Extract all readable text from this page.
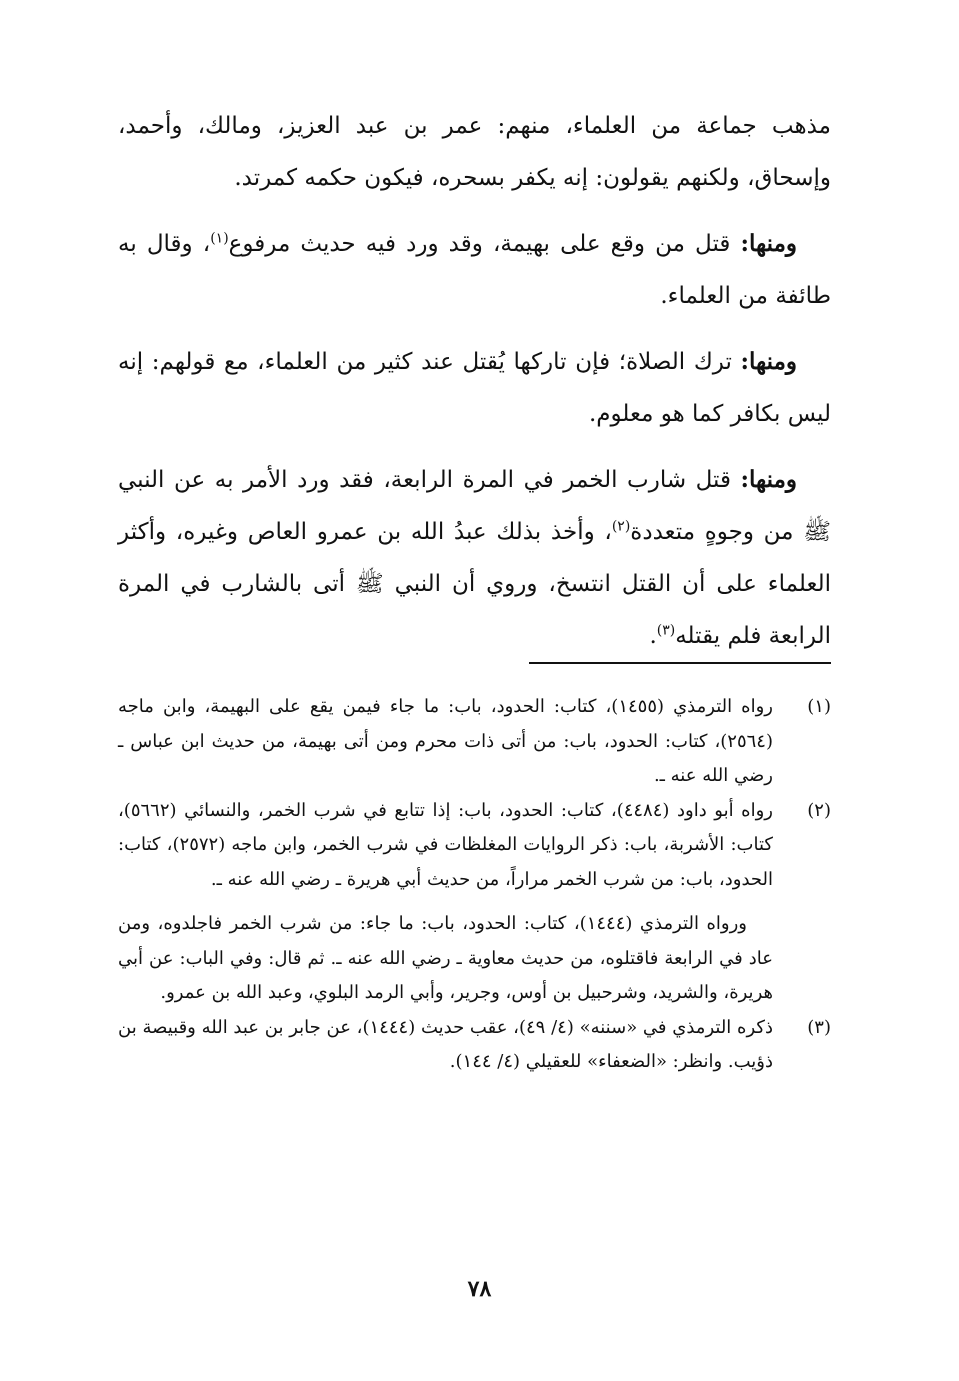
مذهب جماعة من العلماء، منهم: عمر بن عبد العزيز، ومالك، وأحمد، وإسحاق، ولكنهم يقولون: إنه يكفر بسحره، فيكون حكمه كمرتد.

ومنها: قتل من وقع على بهيمة، وقد ورد فيه حديث مرفوع$^{(١)}$، وقال به طائفة من العلماء.

ومنها: ترك الصلاة؛ فإن تاركها يُقتل عند كثير من العلماء، مع قولهم: إنه ليس بكافر كما هو معلوم.

ومنها: قتل شارب الخمر في المرة الرابعة، فقد ورد الأمر به عن النبي ﷺ من وجوهٍ متعددة$^{(٢)}$، وأخذ بذلك عبدُ الله بن عمرو العاص وغيره، وأكثر العلماء على أن القتل انتسخ، وروي أن النبي ﷺ أتى بالشارب في المرة الرابعة فلم يقتله$^{(٣)}$.

(١)
رواه الترمذي (١٤٥٥)، كتاب: الحدود، باب: ما جاء فيمن يقع على البهيمة، وابن ماجه (٢٥٦٤)، كتاب: الحدود، باب: من أتى ذات محرم ومن أتى بهيمة، من حديث ابن عباس ـ رضي الله عنه ـ.
(٢)
رواه أبو داود (٤٤٨٤)، كتاب: الحدود، باب: إذا تتابع في شرب الخمر، والنسائي (٥٦٦٢)، كتاب: الأشربة، باب: ذكر الروايات المغلظات في شرب الخمر، وابن ماجه (٢٥٧٢)، كتاب: الحدود، باب: من شرب الخمر مراراً، من حديث أبي هريرة ـ رضي الله عنه ـ.

ورواه الترمذي (١٤٤٤)، كتاب: الحدود، باب: ما جاء: من شرب الخمر فاجلدوه، ومن عاد في الرابعة فاقتلوه، من حديث معاوية ـ رضي الله عنه ـ. ثم قال: وفي الباب: عن أبي هريرة، والشريد، وشرحبيل بن أوس، وجرير، وأبي الرمد البلوي، وعبد الله بن عمرو.

(٣)
ذكره الترمذي في «سننه» (٤/ ٤٩)، عقب حديث (١٤٤٤)، عن جابر بن عبد الله وقبيصة بن ذؤيب. وانظر: «الضعفاء» للعقيلي (٤/ ١٤٤).
٧٨
